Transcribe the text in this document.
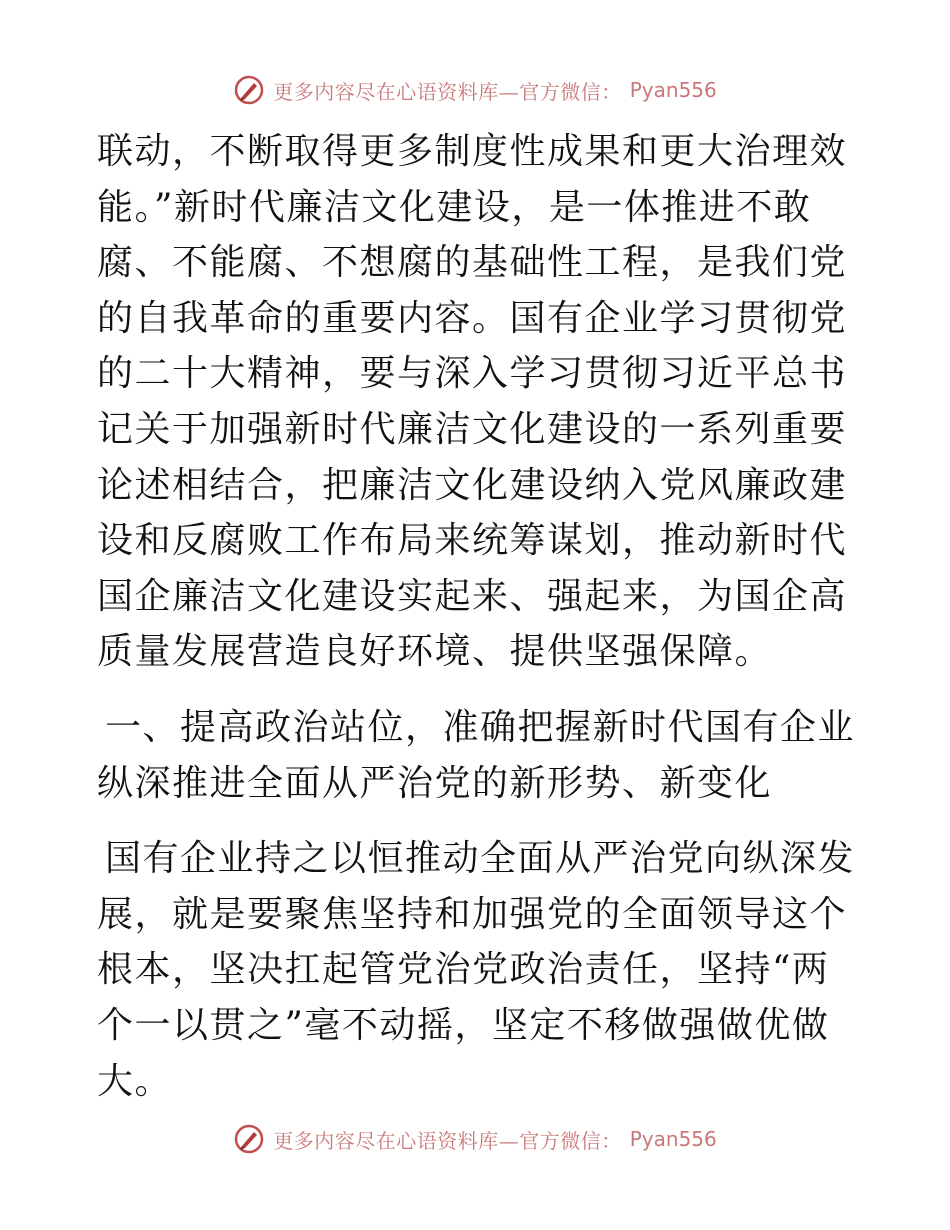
更多内容尽在心语资料库—官方微信： Pyan556

联动，不断取得更多制度性成果和更大治理效能。”新时代廉洁文化建设，是一体推进不敢腐、不能腐、不想腐的基础性工程，是我们党的自我革命的重要内容。国有企业学习贯彻党的二十大精神，要与深入学习贯彻习近平总书记关于加强新时代廉洁文化建设的一系列重要论述相结合，把廉洁文化建设纳入党风廉政建设和反腐败工作布局来统筹谋划，推动新时代国企廉洁文化建设实起来、强起来，为国企高质量发展营造良好环境、提供坚强保障。

一、提高政治站位，准确把握新时代国有企业纵深推进全面从严治党的新形势、新变化

国有企业持之以恒推动全面从严治党向纵深发展，就是要聚焦坚持和加强党的全面领导这个根本，坚决扛起管党治党政治责任，坚持“两个一以贯之”毫不动摇，坚定不移做强做优做大。

更多内容尽在心语资料库—官方微信： Pyan556
